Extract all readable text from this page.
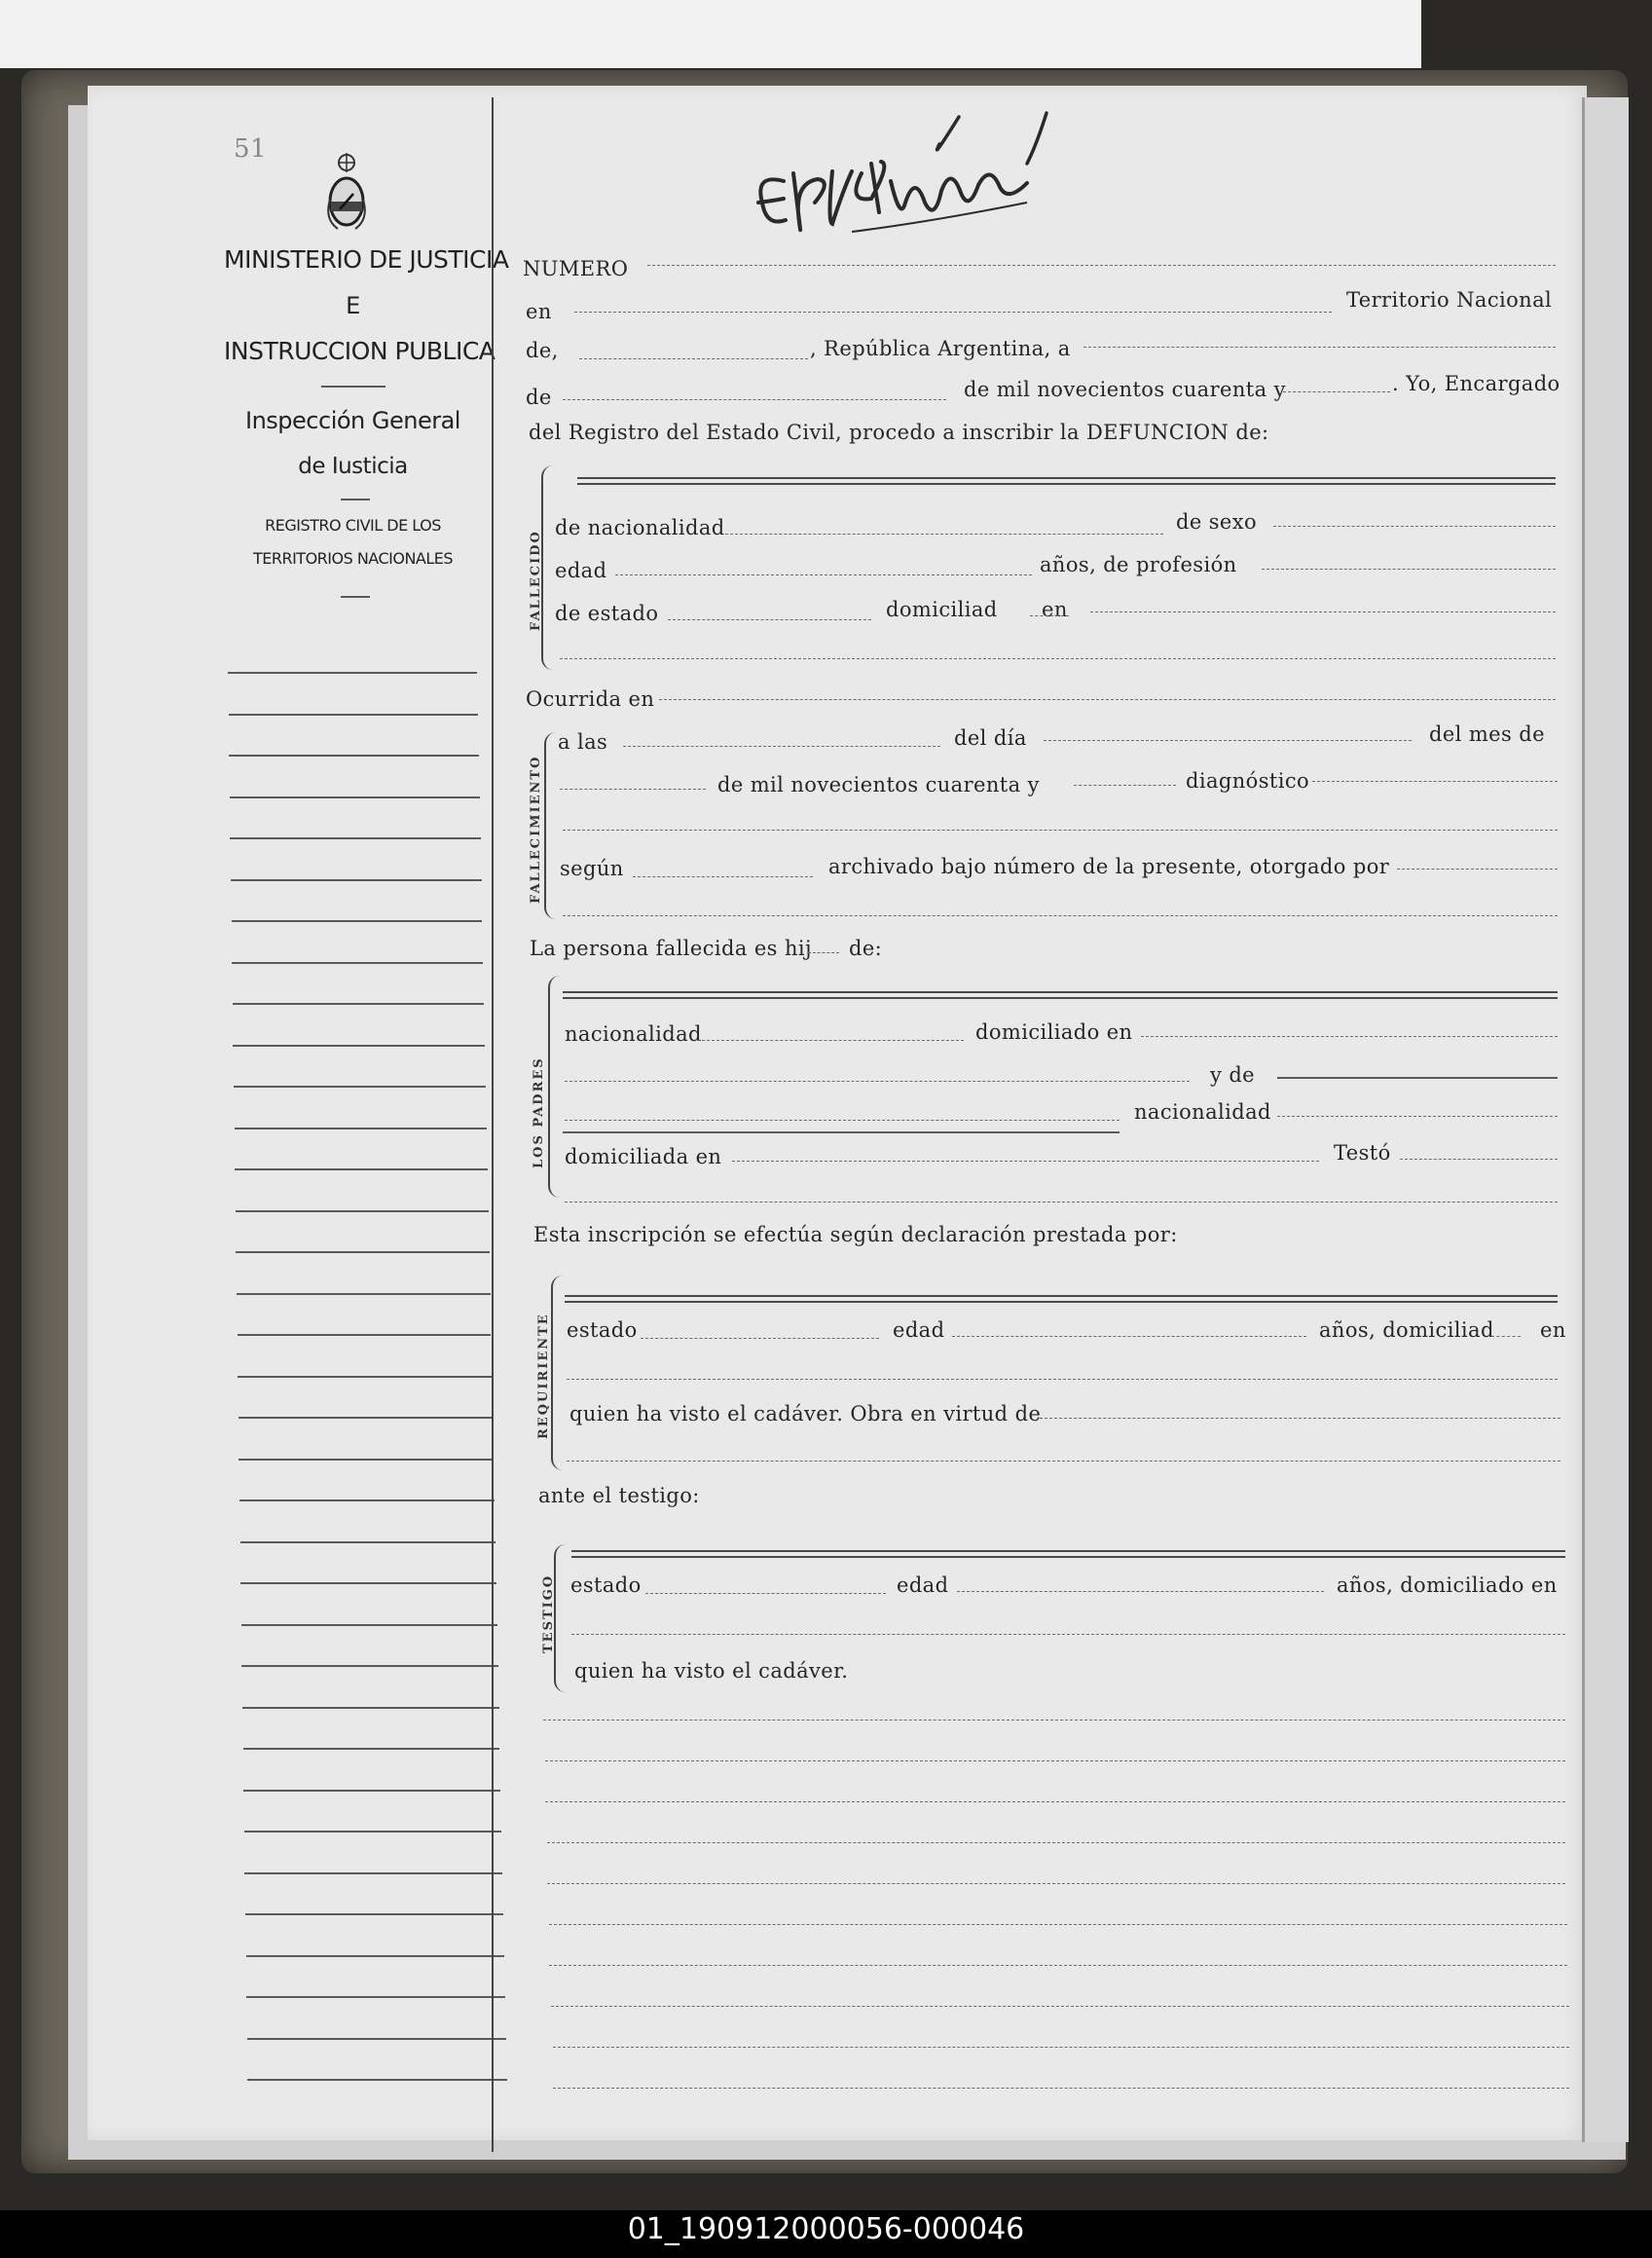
51
MINISTERIO DE JUSTICIA
E
INSTRUCCION PUBLICA
Inspección General
de Iusticia
REGISTRO CIVIL DE LOS
TERRITORIOS NACIONALES
NUMERO
en	Territorio Nacional
de,	, República Argentina, a
de	de mil novecientos cuarenta y	. Yo, Encargado
del Registro del Estado Civil, procedo a inscribir la DEFUNCION de:
de nacionalidad	de sexo
edad	años, de profesión
de estado	domiciliad en
Ocurrida en
a las	del día	del mes de
de mil novecientos cuarenta y	diagnóstico
según	archivado bajo número de la presente, otorgado por
La persona fallecida es hij de:
nacionalidad	domiciliado en
y de
nacionalidad
domiciliada en	Testó
Esta inscripción se efectúa según declaración prestada por:
estado	edad	años, domiciliad en
quien ha visto el cadáver. Obra en virtud de
ante el testigo:
estado	edad	años, domiciliado en
quien ha visto el cadáver.
FALLECIDO
FALLECIMIENTO
LOS PADRES
REQUIRIENTE
TESTIGO
01_190912000056-000046
